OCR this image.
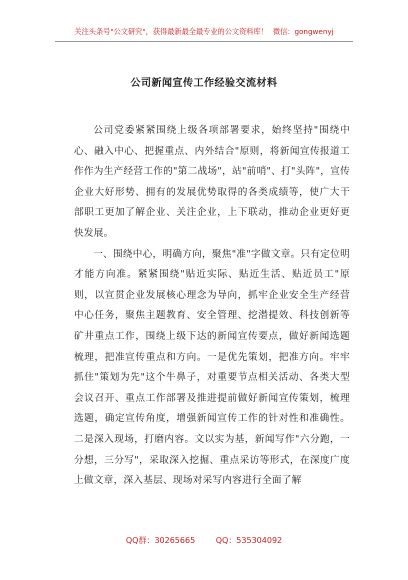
关注头条号"公文研究"，获得最新最全最专业的公文资料库！ 微信：gongwenyj
公司新闻宣传工作经验交流材料

公司党委紧紧围绕上级各项部署要求，始终坚持"围绕中心、融入中心、把握重点、内外结合"原则，将新闻宣传报道工作作为生产经营工作的"第二战场"，站"前哨"、打"头阵"，宣传企业大好形势、拥有的发展优势取得的各类成绩等，使广大干部职工更加了解企业、关注企业，上下联动，推动企业更好更快发展。

一、围绕中心，明确方向，聚焦"准"字做文章。只有定位明才能方向准。紧紧围绕"贴近实际、贴近生活、贴近员工"原则，以宣贯企业发展核心理念为导向，抓牢企业安全生产经营中心任务，聚焦主题教育、安全管理、挖潜提效、科技创新等矿井重点工作，围绕上级下达的新闻宣传要点，做好新闻选题梳理，把准宣传重点和方向。一是优先策划，把准方向。牢牢抓住"策划为先"这个牛鼻子，对重要节点相关活动、各类大型会议召开、重点工作部署及推进提前做好新闻宣传策划，梳理选题，确定宣传角度，增强新闻宣传工作的针对性和准确性。二是深入现场，打磨内容。文以实为基，新闻写作"六分跑，一分想，三分写"，采取深入挖掘、重点采访等形式，在深度广度上做文章，深入基层、现场对采写内容进行全面了解

QQ群：30265665	QQ：535304092
